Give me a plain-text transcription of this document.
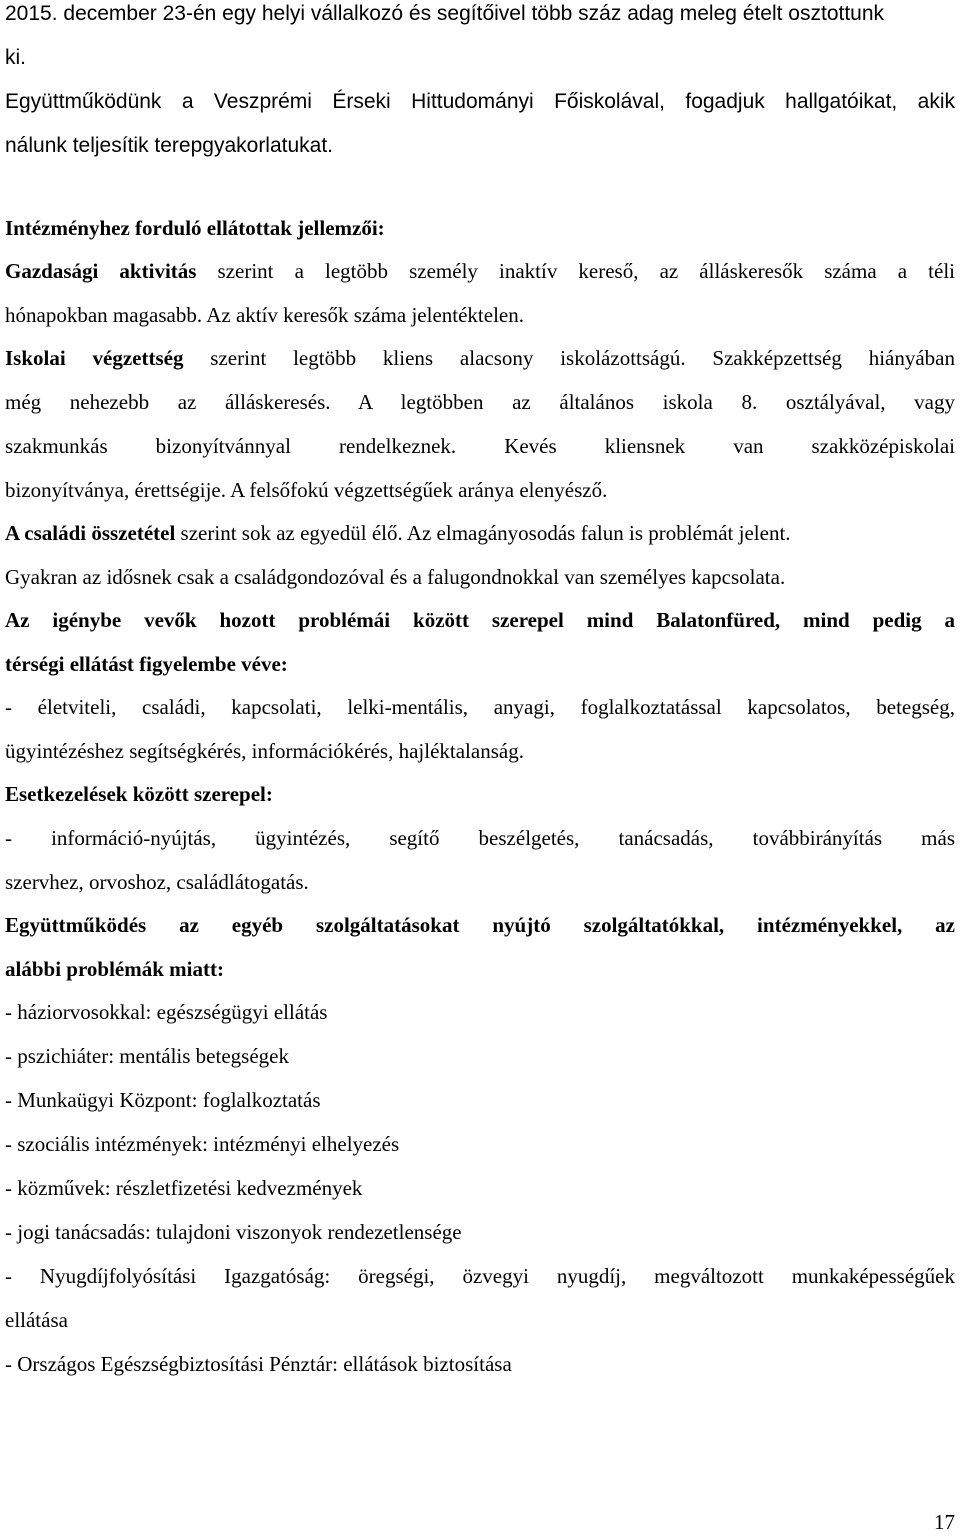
2015. december 23-én egy helyi vállalkozó és segítőivel több száz adag meleg ételt osztottunk
ki.
Együttműködünk a Veszprémi Érseki Hittudományi Főiskolával, fogadjuk hallgatóikat, akik
nálunk teljesítik terepgyakorlatukat.
Intézményhez forduló ellátottak jellemzői:
Gazdasági aktivitás szerint a legtöbb személy inaktív kereső, az álláskeresők száma a téli
hónapokban magasabb. Az aktív keresők száma jelentéktelen.
Iskolai végzettség szerint legtöbb kliens alacsony iskolázottságú. Szakképzettség hiányában
még nehezebb az álláskeresés. A legtöbben az általános iskola 8. osztályával, vagy
szakmunkás bizonyítvánnyal rendelkeznek. Kevés kliensnek van szakközépiskolai
bizonyítványa, érettségije. A felsőfokú végzettségűek aránya elenyésző.
A családi összetétel szerint sok az egyedül élő. Az elmagányosodás falun is problémát jelent.
Gyakran az idősnek csak a családgondozóval és a falugondnokkal van személyes kapcsolata.
Az igénybe vevők hozott problémái között szerepel mind Balatonfüred, mind pedig a
térségi ellátást figyelembe véve:
- életviteli, családi, kapcsolati, lelki-mentális, anyagi, foglalkoztatással kapcsolatos, betegség,
ügyintézéshez segítségkérés, információkérés, hajléktalanság.
Esetkezelések között szerepel:
- információ-nyújtás, ügyintézés, segítő beszélgetés, tanácsadás, továbbirányítás más
szervhez, orvoshoz, családlátogatás.
Együttműködés az egyéb szolgáltatásokat nyújtó szolgáltatókkal, intézményekkel, az
alábbi problémák miatt:
- háziorvosokkal: egészségügyi ellátás
- pszichiáter: mentális betegségek
- Munkaügyi Központ: foglalkoztatás
- szociális intézmények: intézményi elhelyezés
- közművek: részletfizetési kedvezmények
- jogi tanácsadás: tulajdoni viszonyok rendezetlensége
- Nyugdíjfolyósítási Igazgatóság: öregségi, özvegyi nyugdíj, megváltozott munkaképességűek
ellátása
- Országos Egészségbiztosítási Pénztár: ellátások biztosítása
17
